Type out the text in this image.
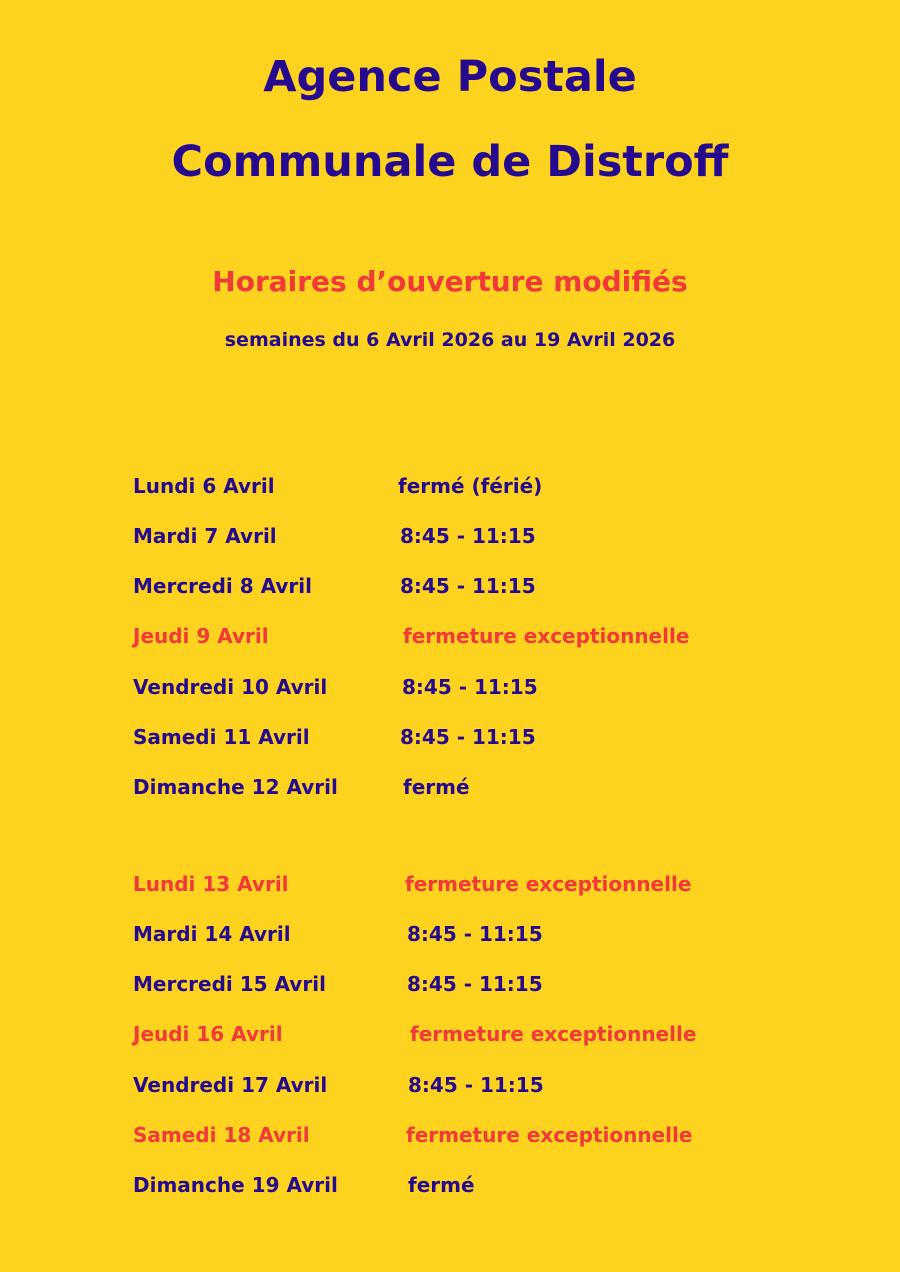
Agence Postale
Communale de Distroff
Horaires d’ouverture modifiés

semaines du 6 Avril 2026 au 19 Avril 2026

Lundi 6 Avril	fermé (férié)
Mardi 7 Avril	8:45 - 11:15
Mercredi 8 Avril	8:45 - 11:15
Jeudi 9 Avril	fermeture exceptionnelle
Vendredi 10 Avril	8:45 - 11:15
Samedi 11 Avril	8:45 - 11:15
Dimanche 12 Avril	fermé
Lundi 13 Avril	fermeture exceptionnelle
Mardi 14 Avril	8:45 - 11:15
Mercredi 15 Avril	8:45 - 11:15
Jeudi 16 Avril	fermeture exceptionnelle
Vendredi 17 Avril	8:45 - 11:15
Samedi 18 Avril	fermeture exceptionnelle
Dimanche 19 Avril	fermé
